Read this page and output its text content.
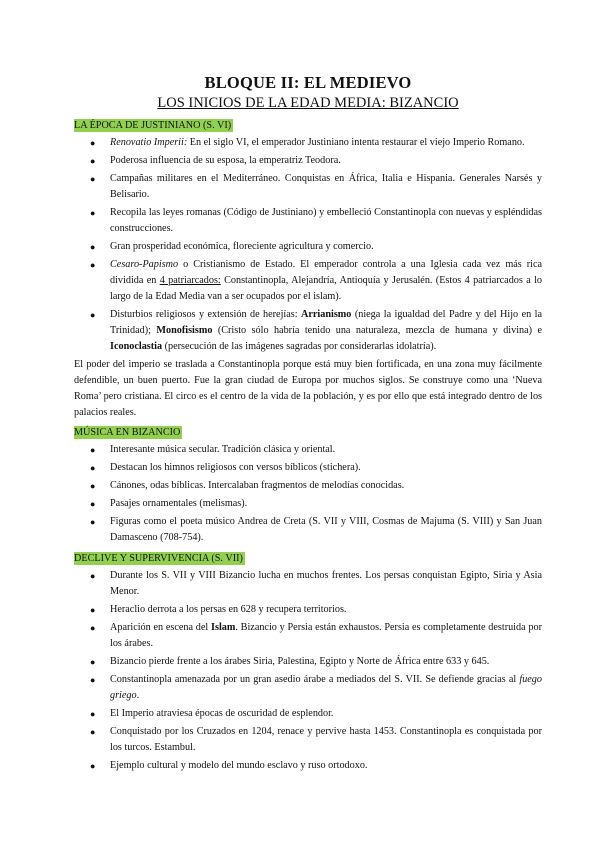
BLOQUE II: EL MEDIEVO
LOS INICIOS DE LA EDAD MEDIA: BIZANCIO
LA ÉPOCA DE JUSTINIANO (S. VI)
● Renovatio Imperii: En el siglo VI, el emperador Justiniano intenta restaurar el viejo Imperio Romano.
● Poderosa influencia de su esposa, la emperatriz Teodora.
● Campañas militares en el Mediterráneo. Conquistas en África, Italia e Hispania. Generales Narsés y Belisario.
● Recopila las leyes romanas (Código de Justiniano) y embelleció Constantinopla con nuevas y espléndidas construcciones.
● Gran prosperidad económica, floreciente agricultura y comercio.
● Cesaro-Papismo o Cristianismo de Estado. El emperador controla a una Iglesia cada vez más rica dividida en 4 patriarcados: Constantinopla, Alejandría, Antioquía y Jerusalén. (Estos 4 patriarcados a lo largo de la Edad Media van a ser ocupados por el islam).
● Disturbios religiosos y extensión de herejías: Arrianismo (niega la igualdad del Padre y del Hijo en la Trinidad); Monofisismo (Cristo sólo habría tenido una naturaleza, mezcla de humana y divina) e Iconoclastia (persecución de las imágenes sagradas por considerarlas idolatría).

El poder del imperio se traslada a Constantinopla porque está muy bien fortificada, en una zona muy fácilmente defendible, un buen puerto. Fue la gran ciudad de Europa por muchos siglos. Se construye como una ‘Nueva Roma’ pero cristiana. El circo es el centro de la vida de la población, y es por ello que está integrado dentro de los palacios reales.

MÚSICA EN BIZANCIO
● Interesante música secular. Tradición clásica y oriental.
● Destacan los himnos religiosos con versos bíblicos (stichera).
● Cánones, odas bíblicas. Intercalaban fragmentos de melodías conocidas.
● Pasajes ornamentales (melismas).
● Figuras como el poeta músico Andrea de Creta (S. VII y VIII, Cosmas de Majuma (S. VIII) y San Juan Damasceno (708-754).
DECLIVE Y SUPERVIVENCIA (S. VII)
● Durante los S. VII y VIII Bizancio lucha en muchos frentes. Los persas conquistan Egipto, Siria y Asia Menor.
● Heraclio derrota a los persas en 628 y recupera territorios.
● Aparición en escena del Islam. Bizancio y Persia están exhaustos. Persia es completamente destruida por los árabes.
● Bizancio pierde frente a los árabes Siria, Palestina, Egipto y Norte de África entre 633 y 645.
● Constantinopla amenazada por un gran asedio árabe a mediados del S. VII. Se defiende gracias al fuego griego.
● El Imperio atraviesa épocas de oscuridad de esplendor.
● Conquistado por los Cruzados en 1204, renace y pervive hasta 1453. Constantinopla es conquistada por los turcos. Estambul.
● Ejemplo cultural y modelo del mundo esclavo y ruso ortodoxo.
